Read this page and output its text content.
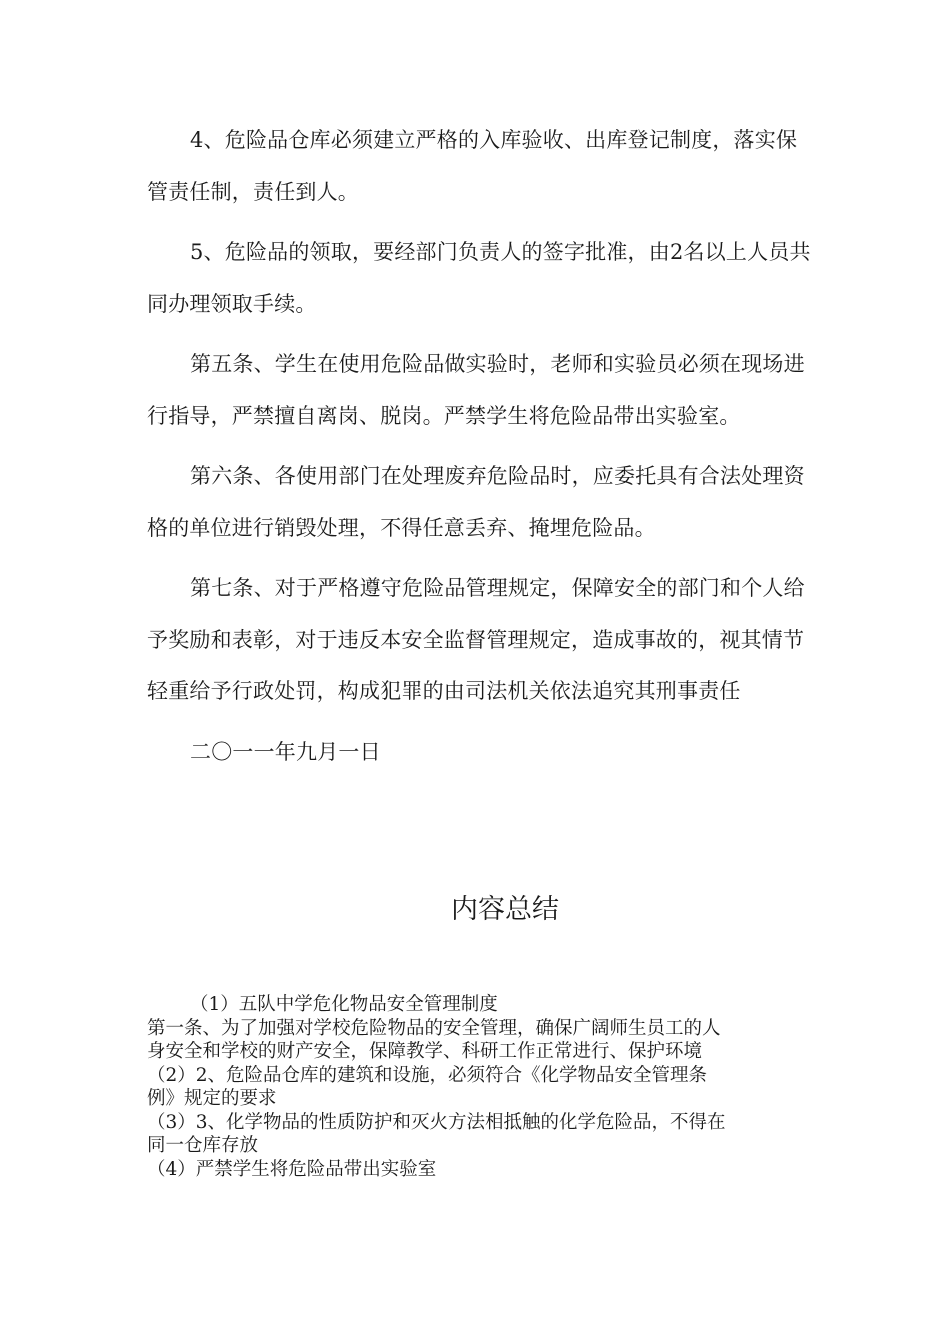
4、危险品仓库必须建立严格的入库验收、出库登记制度，落实保管责任制，责任到人。

5、危险品的领取，要经部门负责人的签字批准，由2名以上人员共同办理领取手续。

第五条、学生在使用危险品做实验时，老师和实验员必须在现场进行指导，严禁擅自离岗、脱岗。严禁学生将危险品带出实验室。

第六条、各使用部门在处理废弃危险品时，应委托具有合法处理资格的单位进行销毁处理，不得任意丢弃、掩埋危险品。

第七条、对于严格遵守危险品管理规定，保障安全的部门和个人给予奖励和表彰，对于违反本安全监督管理规定，造成事故的，视其情节轻重给予行政处罚，构成犯罪的由司法机关依法追究其刑事责任

二〇一一年九月一日

内容总结

（1）五队中学危化物品安全管理制度

第一条、为了加强对学校危险物品的安全管理，确保广阔师生员工的人

身安全和学校的财产安全，保障教学、科研工作正常进行、保护环境

（2）2、危险品仓库的建筑和设施，必须符合《化学物品安全管理条

例》规定的要求

（3）3、化学物品的性质防护和灭火方法相抵触的化学危险品，不得在

同一仓库存放

（4）严禁学生将危险品带出实验室
